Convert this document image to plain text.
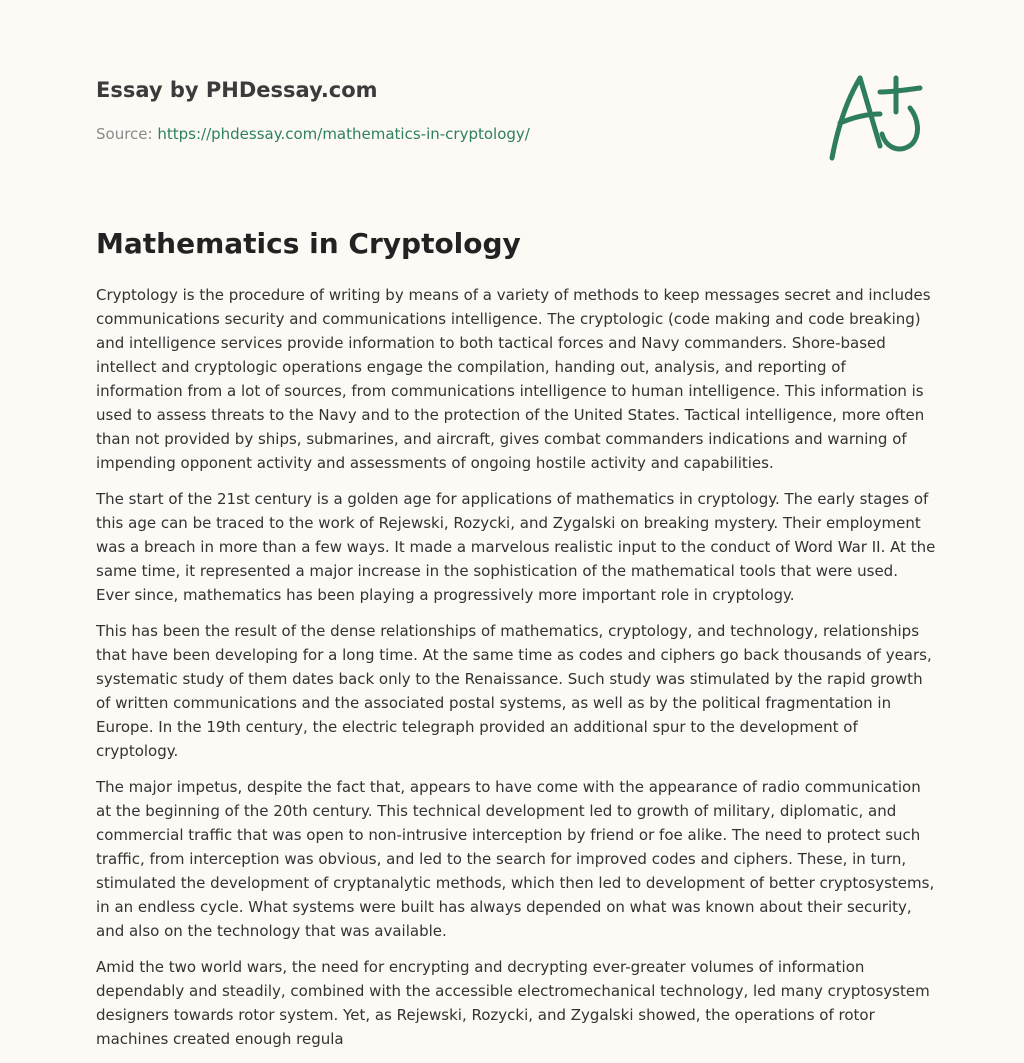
Essay by PHDessay.com
Source: https://phdessay.com/mathematics-in-cryptology/
Mathematics in Cryptology

Cryptology is the procedure of writing by means of a variety of methods to keep messages secret and includes communications security and communications intelligence. The cryptologic (code making and code breaking) and intelligence services provide information to both tactical forces and Navy commanders. Shore-based intellect and cryptologic operations engage the compilation, handing out, analysis, and reporting of information from a lot of sources, from communications intelligence to human intelligence. This information is used to assess threats to the Navy and to the protection of the United States. Tactical intelligence, more often than not provided by ships, submarines, and aircraft, gives combat commanders indications and warning of impending opponent activity and assessments of ongoing hostile activity and capabilities.

The start of the 21st century is a golden age for applications of mathematics in cryptology. The early stages of this age can be traced to the work of Rejewski, Rozycki, and Zygalski on breaking mystery. Their employment was a breach in more than a few ways. It made a marvelous realistic input to the conduct of Word War II. At the same time, it represented a major increase in the sophistication of the mathematical tools that were used. Ever since, mathematics has been playing a progressively more important role in cryptology.

This has been the result of the dense relationships of mathematics, cryptology, and technology, relationships that have been developing for a long time. At the same time as codes and ciphers go back thousands of years, systematic study of them dates back only to the Renaissance. Such study was stimulated by the rapid growth of written communications and the associated postal systems, as well as by the political fragmentation in Europe. In the 19th century, the electric telegraph provided an additional spur to the development of cryptology.

The major impetus, despite the fact that, appears to have come with the appearance of radio communication at the beginning of the 20th century. This technical development led to growth of military, diplomatic, and commercial traffic that was open to non-intrusive interception by friend or foe alike. The need to protect such traffic, from interception was obvious, and led to the search for improved codes and ciphers. These, in turn, stimulated the development of cryptanalytic methods, which then led to development of better cryptosystems, in an endless cycle. What systems were built has always depended on what was known about their security, and also on the technology that was available.

Amid the two world wars, the need for encrypting and decrypting ever-greater volumes of information dependably and steadily, combined with the accessible electromechanical technology, led many cryptosystem designers towards rotor system. Yet, as Rejewski, Rozycki, and Zygalski showed, the operations of rotor machines created enough regula
